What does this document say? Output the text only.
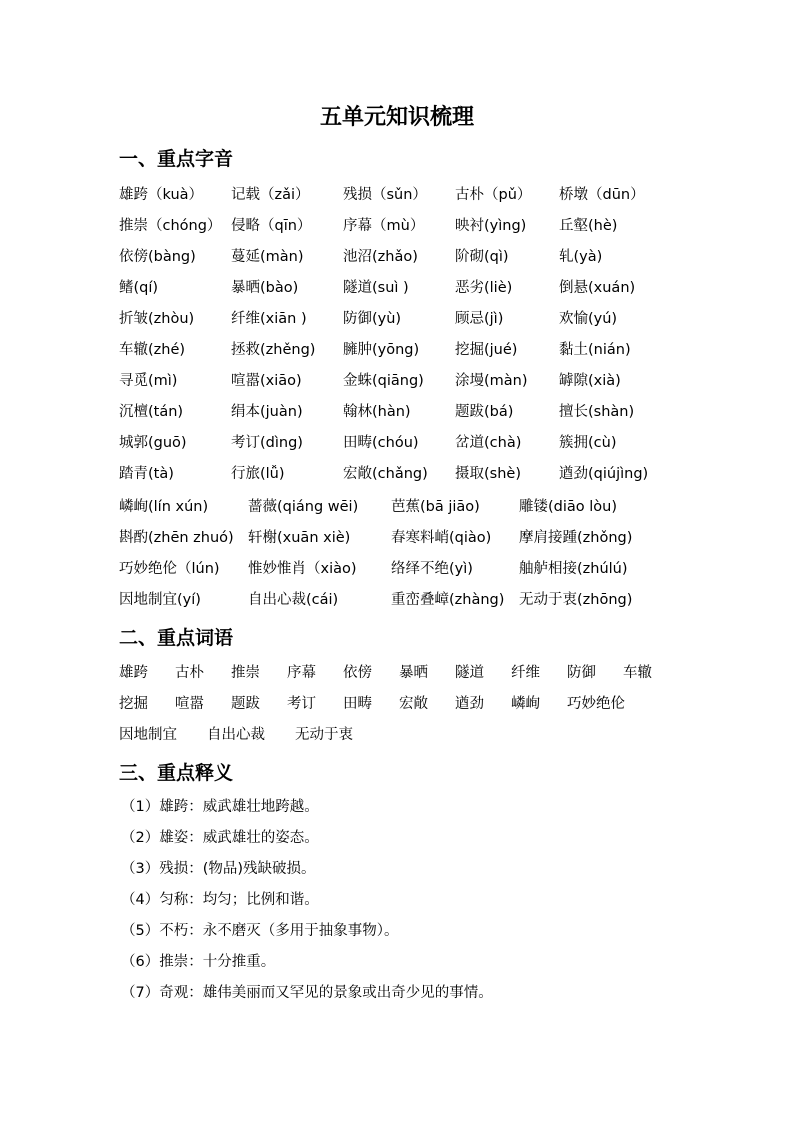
五单元知识梳理
一、重点字音
雄跨（kuà） 记载（zǎi） 残损（sǔn） 古朴（pǔ） 桥墩（dūn）
推崇（chóng） 侵略（qīn） 序幕（mù） 映衬(yìng) 丘壑(hè)
依傍(bàng) 蔓延(màn)	池沼(zhǎo)	阶砌(qì)	轧(yà)
鳍(qí)	暴晒(bào)	隧道(suì )	恶劣(liè)	倒悬(xuán)
折皱(zhòu)	纤维(xiān )	防御(yù)	顾忌(jì)	欢愉(yú)
车辙(zhé)	拯救(zhěng) 臃肿(yōng) 挖掘(jué)	黏土(nián)
寻觅(mì)	喧嚣(xiāo)	金蛛(qiāng) 涂墁(màn) 罅隙(xià)
沉檀(tán)	绢本(juàn)	翰林(hàn)	题跋(bá)	擅长(shàn)
城郭(guō)	考订(dìng)	田畴(chóu)	岔道(chà)	簇拥(cù)
踏青(tà)	行旅(lǚ)	宏敞(chǎng) 摄取(shè)	遒劲(qiújìng)
嶙峋(lín xún)	蔷薇(qiáng wēi) 芭蕉(bā jiāo)	雕镂(diāo lòu)
斟酌(zhēn zhuó) 轩榭(xuān xiè)	春寒料峭(qiào) 摩肩接踵(zhǒng)
巧妙绝伦（lún) 惟妙惟肖（xiào) 络绎不绝(yì)	舳舻相接(zhúlú)
因地制宜(yí)	自出心裁(cái)	重峦叠嶂(zhàng) 无动于衷(zhōng)
二、重点词语
雄跨 古朴 推崇 序幕 依傍 暴晒 隧道 纤维 防御 车辙
挖掘 喧嚣 题跋 考订 田畴 宏敞 遒劲 嶙峋 巧妙绝伦
因地制宜 自出心裁 无动于衷
三、重点释义
（1）雄跨：威武雄壮地跨越。
（2）雄姿：威武雄壮的姿态。
（3）残损：(物品)残缺破损。
（4）匀称：均匀；比例和谐。
（5）不朽：永不磨灭（多用于抽象事物）。
（6）推崇：十分推重。
（7）奇观：雄伟美丽而又罕见的景象或出奇少见的事情。
